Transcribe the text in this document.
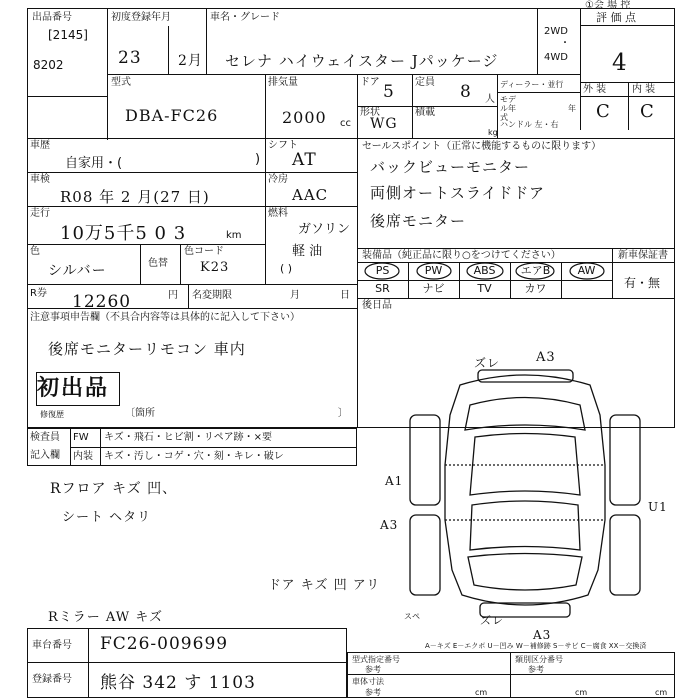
①会 場 控
出品番号
[2145]
8202
初度登録年月
23	2月
車名・グレード
セレナ ハイウェイスター Jパッケージ
2WD
・
4WD
評 価 点
4
型式
DBA-FC26
排気量
2000 cc
ドア 5 定員 8 人
ディーラー・並行
モデル年式
年
ハンドル 左・右
形状
WG
積載
kg
外 装	内 装
C C
車歴
自家用・(	)
シフト
AT
車検
R08 年 2 月(27 日)
冷房
AAC
走行
10万5千5 0 3	km
燃料
ガソリン
軽 油
( )
色
シルバー	色替
色コード
K23
R券 12260	円 名変期限	月	日
注意事項申告欄（不具合内容等は具体的に記入して下さい）
後席モニターリモコン 車内
初出品
修復歴	〔箇所	〕
セールスポイント（正常に機能するものに限ります）
バックビューモニター
両側オートスライドドア
後席モニター
装備品（純正品に限り○をつけてください）	新車保証書
有・無
PS	PW	ABS	エアB	AW
SR	ナビ	TV	カワ
後日品
検査員
記入欄
FW キズ・飛石・ヒビ割・リペア跡・×要
内装 キズ・汚し・コゲ・穴・刻・キレ・破レ
Rフロア キズ 凹、
シート ヘタリ
ドア キズ 凹 アリ
Rミラー AW キズ
ズレ	A3
A1
A3
U1
ズレ
A3
スペ
A－キズ E－エクボ U－凹み W－補修跡 S－サビ C－腐食 XX－交換済
車台番号 FC26-009699
登録番号 熊谷 342 す 1103
型式指定番号
参考
類別区分番号
参考
車体寸法
参考	cm	cm	cm
